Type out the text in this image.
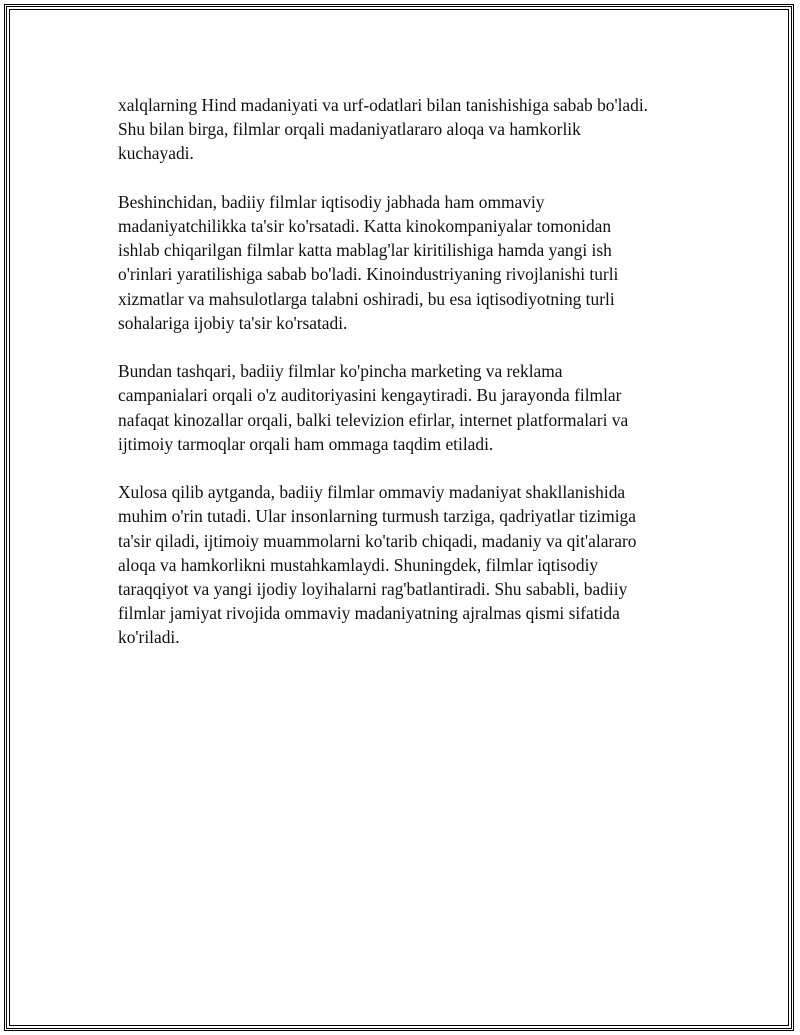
xalqlarning Hind madaniyati va urf-odatlari bilan tanishishiga sabab bo'ladi.
Shu bilan birga, filmlar orqali madaniyatlararo aloqa va hamkorlik
kuchayadi.

Beshinchidan, badiiy filmlar iqtisodiy jabhada ham ommaviy
madaniyatchilikka ta'sir ko'rsatadi. Katta kinokompaniyalar tomonidan
ishlab chiqarilgan filmlar katta mablag'lar kiritilishiga hamda yangi ish
o'rinlari yaratilishiga sabab bo'ladi. Kinoindustriyaning rivojlanishi turli
xizmatlar va mahsulotlarga talabni oshiradi, bu esa iqtisodiyotning turli
sohalariga ijobiy ta'sir ko'rsatadi.

Bundan tashqari, badiiy filmlar ko'pincha marketing va reklama
campanialari orqali o'z auditoriyasini kengaytiradi. Bu jarayonda filmlar
nafaqat kinozallar orqali, balki televizion efirlar, internet platformalari va
ijtimoiy tarmoqlar orqali ham ommaga taqdim etiladi.

Xulosa qilib aytganda, badiiy filmlar ommaviy madaniyat shakllanishida
muhim o'rin tutadi. Ular insonlarning turmush tarziga, qadriyatlar tizimiga
ta'sir qiladi, ijtimoiy muammolarni ko'tarib chiqadi, madaniy va qit'alararo
aloqa va hamkorlikni mustahkamlaydi. Shuningdek, filmlar iqtisodiy
taraqqiyot va yangi ijodiy loyihalarni rag'batlantiradi. Shu sababli, badiiy
filmlar jamiyat rivojida ommaviy madaniyatning ajralmas qismi sifatida
ko'riladi.
